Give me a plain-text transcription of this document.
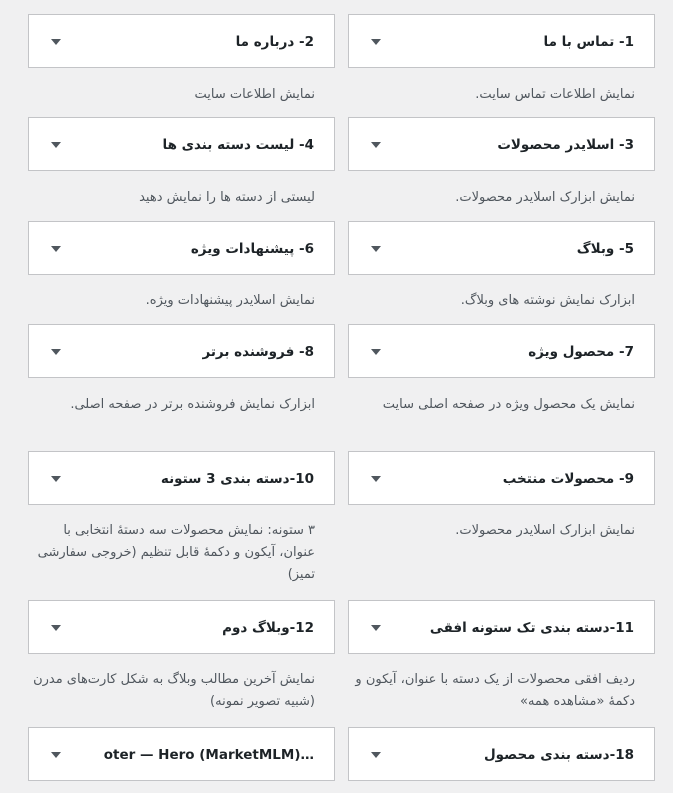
1- تماس با ما
نمایش اطلاعات تماس سایت.
3- اسلایدر محصولات
نمایش ابزارک اسلایدر محصولات.
5- وبلاگ
ابزارک نمایش نوشته های وبلاگ.
7- محصول ویژه
نمایش یک محصول ویژه در صفحه اصلی سایت
9- محصولات منتخب
نمایش ابزارک اسلایدر محصولات.
11-دسته بندی تک ستونه افقی
ردیف افقی محصولات از یک دسته با عنوان، آیکون و دکمهٔ «مشاهده همه»
18-دسته بندی محصول
2- درباره ما
نمایش اطلاعات سایت
4- لیست دسته بندی ها
لیستی از دسته ها را نمایش دهید
6- پیشنهادات ویژه
نمایش اسلایدر پیشنهادات ویژه.
8- فروشنده برتر
ابزارک نمایش فروشنده برتر در صفحه اصلی.
10-دسته بندی 3 ستونه
۳ ستونه: نمایش محصولات سه دستهٔ انتخابی با عنوان، آیکون و دکمهٔ قابل تنظیم (خروجی سفارشی تمیز)
12-وبلاگ دوم
نمایش آخرین مطالب وبلاگ به شکل کارت‌های مدرن (شبیه تصویر نمونه)
…oter — Hero (MarketMLM)
